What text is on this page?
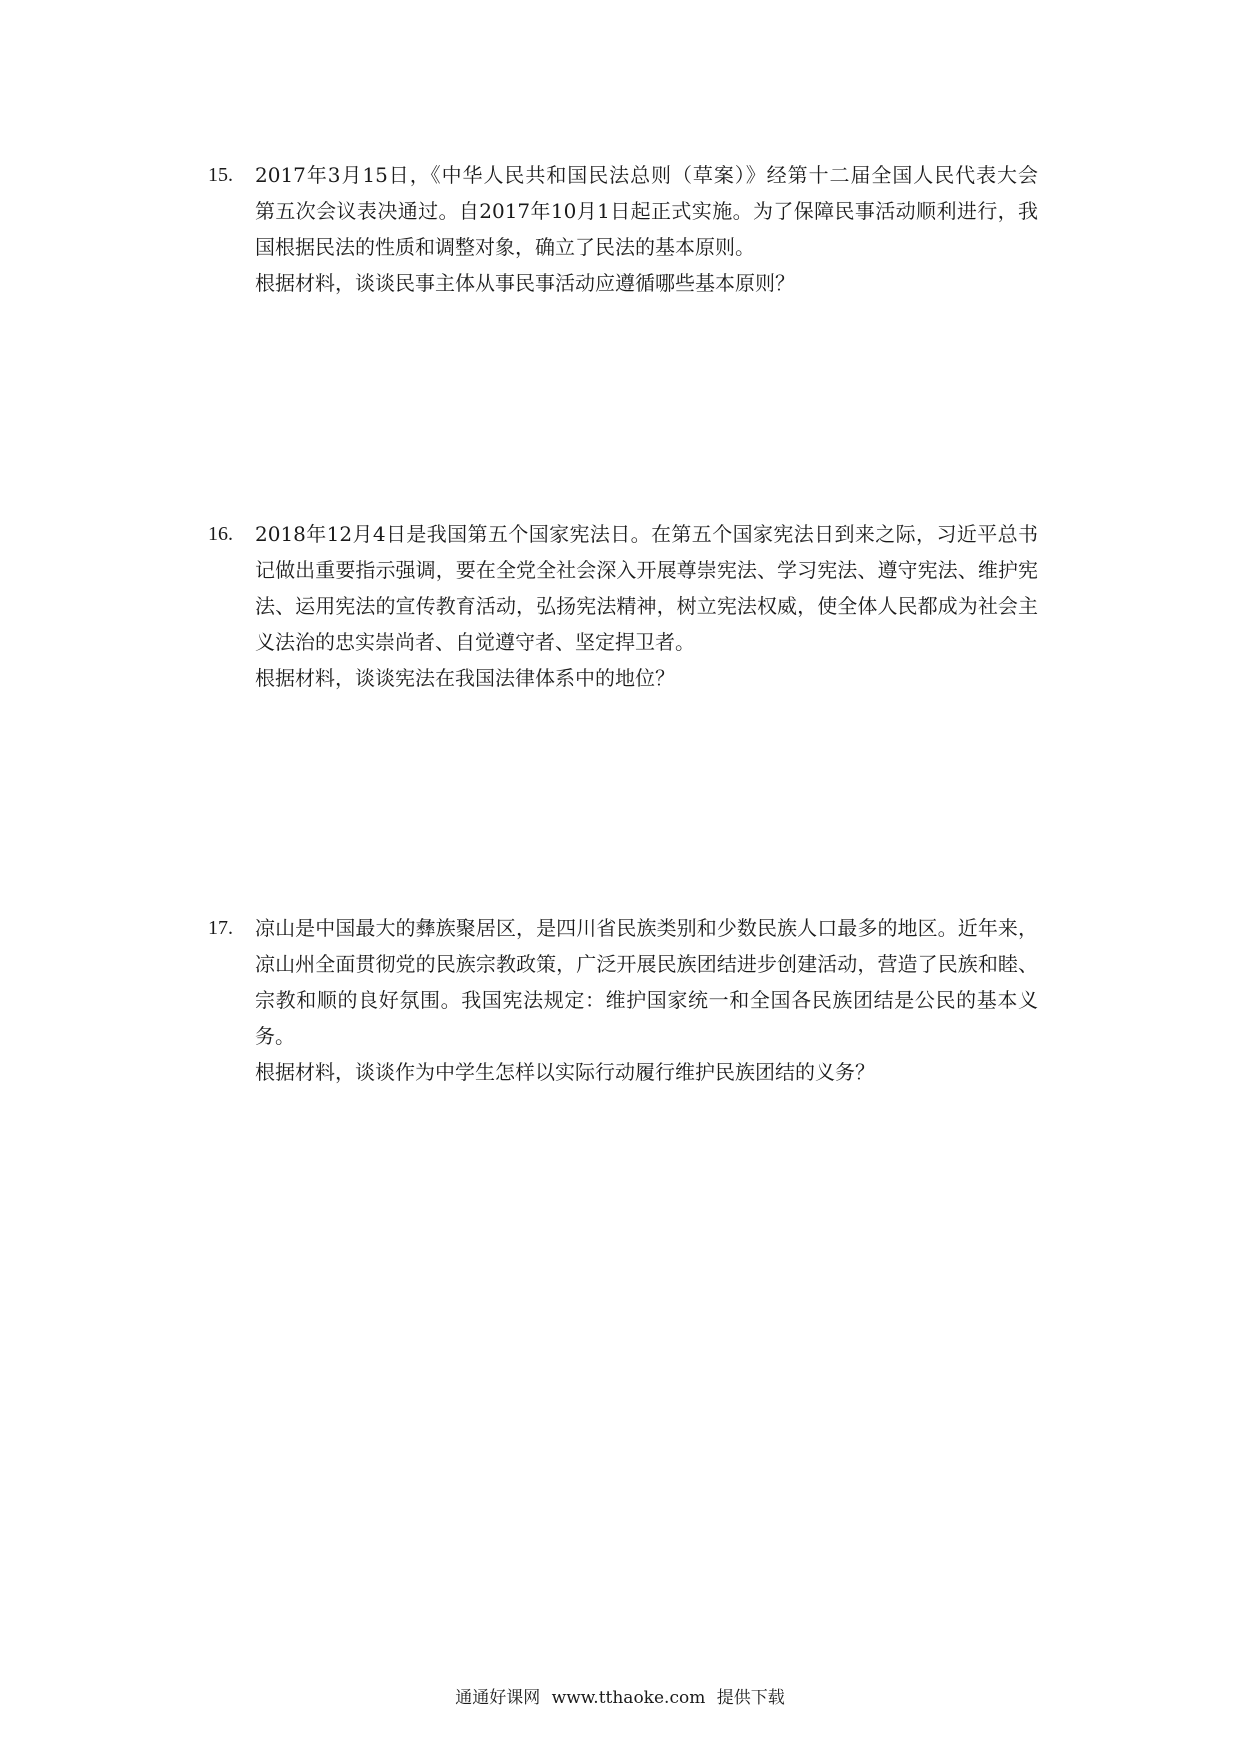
15. 2017年3月15日，《中华人民共和国民法总则（草案）》经第十二届全国人民代表大会　第五次会议表决通过。自2017年10月1日起正式实施。为了保障民事活动顺利进行，我国根据民法的性质和调整对象，确立了民法的基本原则。

根据材料，谈谈民事主体从事民事活动应遵循哪些基本原则？

16. 2018年12月4日是我国第五个国家宪法日。在第五个国家宪法日到来之际，习近平总书记做出重要指示强调，要在全党全社会深入开展尊崇宪法、学习宪法、遵守宪法、维护宪法、运用宪法的宣传教育活动，弘扬宪法精神，树立宪法权威，使全体人民都成为社会主义法治的忠实崇尚者、自觉遵守者、坚定捍卫者。

根据材料，谈谈宪法在我国法律体系中的地位？

17. 凉山是中国最大的彝族聚居区，是四川省民族类别和少数民族人口最多的地区。近年来，凉山州全面贯彻党的民族宗教政策，广泛开展民族团结进步创建活动，营造了民族和睦、宗教和顺的良好氛围。我国宪法规定：维护国家统一和全国各民族团结是公民的基本义务。

根据材料，谈谈作为中学生怎样以实际行动履行维护民族团结的义务？

通通好课网 www.tthaoke.com 提供下载
